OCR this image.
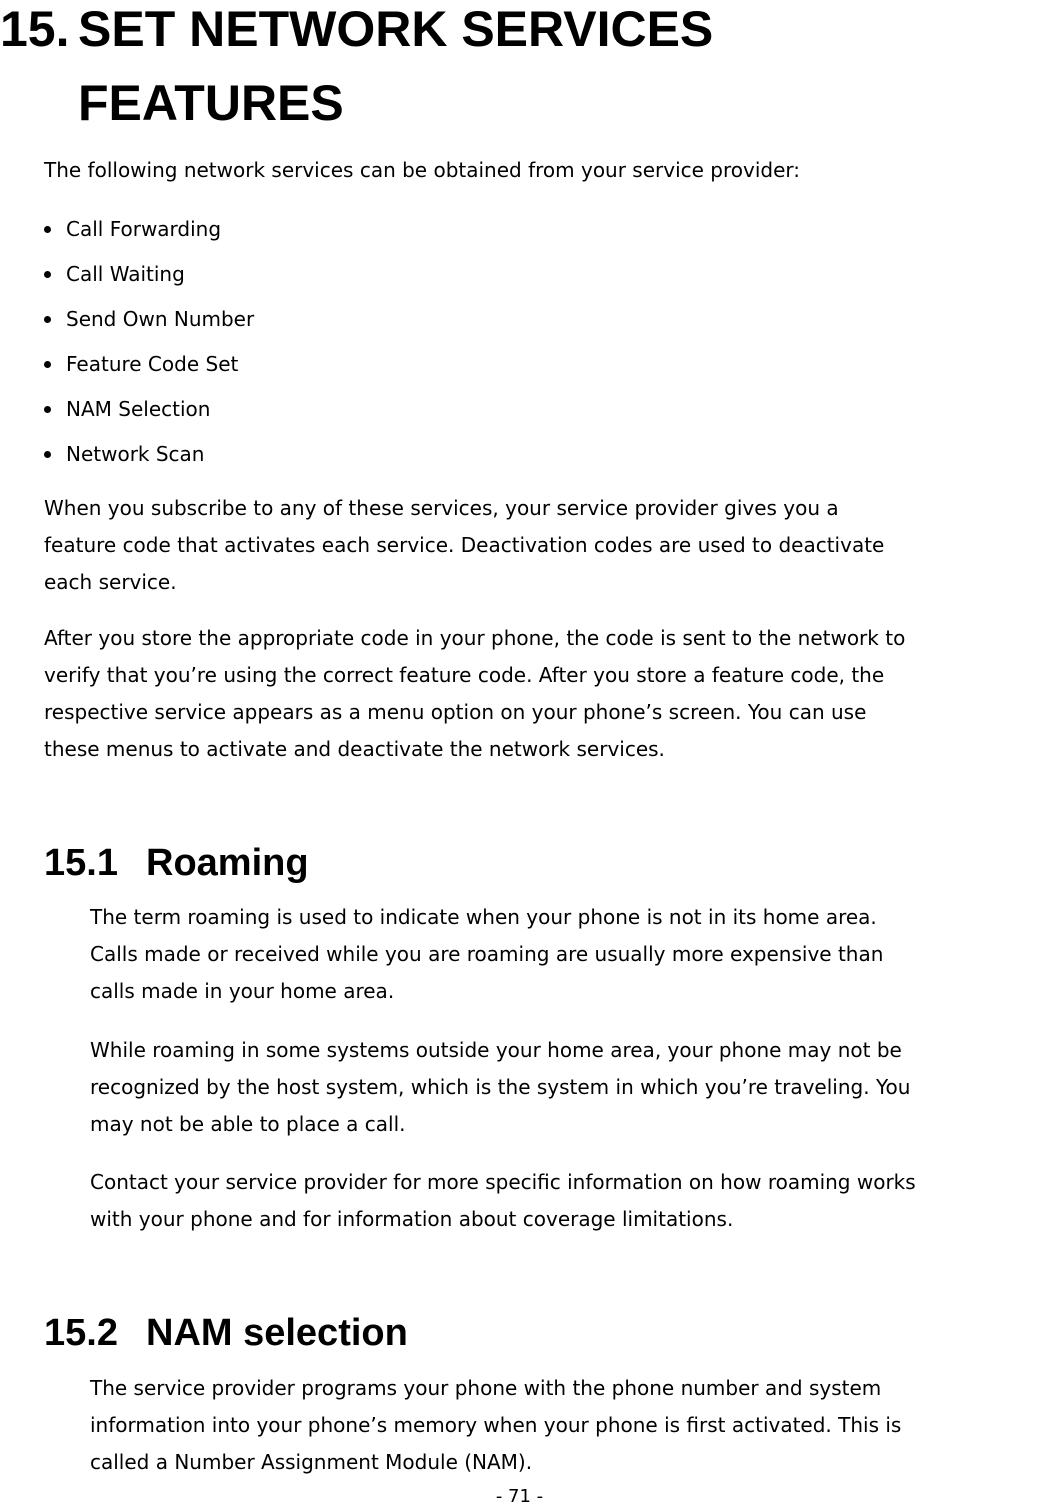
15. SET NETWORK SERVICES
FEATURES

The following network services can be obtained from your service provider:

Call Forwarding
Call Waiting
Send Own Number
Feature Code Set
NAM Selection
Network Scan

When you subscribe to any of these services, your service provider gives you a
feature code that activates each service. Deactivation codes are used to deactivate
each service.

After you store the appropriate code in your phone, the code is sent to the network to
verify that you’re using the correct feature code. After you store a feature code, the
respective service appears as a menu option on your phone’s screen. You can use
these menus to activate and deactivate the network services.

15.1 Roaming

The term roaming is used to indicate when your phone is not in its home area.
Calls made or received while you are roaming are usually more expensive than
calls made in your home area.

While roaming in some systems outside your home area, your phone may not be
recognized by the host system, which is the system in which you’re traveling. You
may not be able to place a call.

Contact your service provider for more specific information on how roaming works
with your phone and for information about coverage limitations.

15.2 NAM selection

The service provider programs your phone with the phone number and system
information into your phone’s memory when your phone is first activated. This is
called a Number Assignment Module (NAM).

- 71 -
